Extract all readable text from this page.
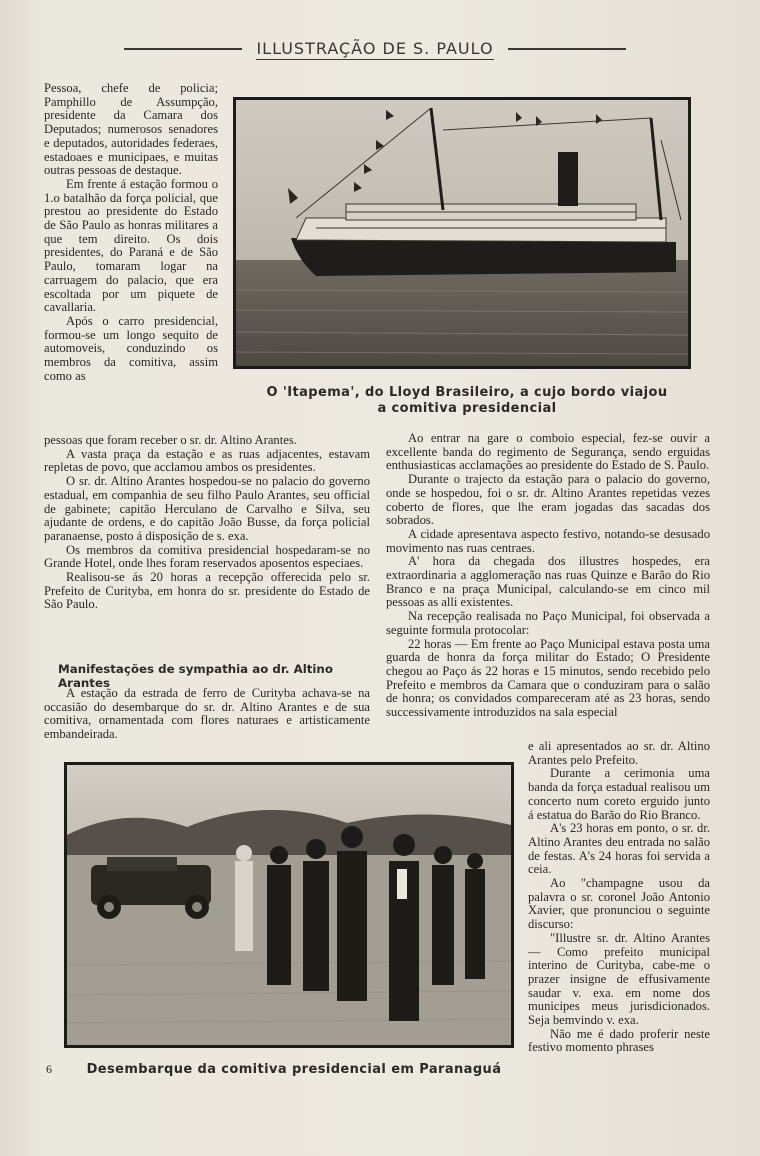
ILLUSTRAÇÃO DE S. PAULO

Pessoa, chefe de policia; Pamphillo de Assumpção, presidente da Camara dos Deputados; numerosos senadores e deputados, autoridades federaes, estadoaes e municipaes, e muitas outras pessoas de destaque.

Em frente á estação formou o 1.o batalhão da força policial, que prestou ao presidente do Estado de São Paulo as honras militares a que tem direito. Os dois presidentes, do Paraná e de São Paulo, tomaram logar na carruagem do palacio, que era escoltada por um piquete de cavallaria.

Após o carro presidencial, formou-se um longo sequito de automoveis, conduzindo os membros da comitiva, assim como as

O 'Itapema', do Lloyd Brasileiro, a cujo bordo viajou a comitiva presidencial

pessoas que foram receber o sr. dr. Altino Arantes.

A vasta praça da estação e as ruas adjacentes, estavam repletas de povo, que acclamou ambos os presidentes.

O sr. dr. Altino Arantes hospedou-se no palacio do governo estadual, em companhia de seu filho Paulo Arantes, seu official de gabinete; capitão Herculano de Carvalho e Silva, seu ajudante de ordens, e do capitão João Busse, da força policial paranaense, posto á disposição de s. exa.

Os membros da comitiva presidencial hospedaram-se no Grande Hotel, onde lhes foram reservados aposentos especiaes.

Realisou-se ás 20 horas a recepção offerecida pelo sr. Prefeito de Curityba, em honra do sr. presidente do Estado de São Paulo.

Manifestações de sympathia ao dr. Altino Arantes

A estação da estrada de ferro de Curityba achava-se na occasião do desembarque do sr. dr. Altino Arantes e de sua comitiva, ornamentada com flores naturaes e artisticamente embandeirada.

Ao entrar na gare o comboio especial, fez-se ouvir a excellente banda do regimento de Segurança, sendo erguidas enthusiasticas acclamações ao presidente do Estado de S. Paulo.

Durante o trajecto da estação para o palacio do governo, onde se hospedou, foi o sr. dr. Altino Arantes repetidas vezes coberto de flores, que lhe eram jogadas das sacadas dos sobrados.

A cidade apresentava aspecto festivo, notando-se desusado movimento nas ruas centraes.

A' hora da chegada dos illustres hospedes, era extraordinaria a agglomeração nas ruas Quinze e Barão do Rio Branco e na praça Municipal, calculando-se em cinco mil pessoas as alli existentes.

Na recepção realisada no Paço Municipal, foi observada a seguinte formula protocolar:

22 horas — Em frente ao Paço Municipal estava posta uma guarda de honra da força militar do Estado; O Presidente chegou ao Paço ás 22 horas e 15 minutos, sendo recebido pelo Prefeito e membros da Camara que o conduziram para o salão de honra; os convidados compareceram até as 23 horas, sendo successivamente introduzidos na sala especial

e ali apresentados ao sr. dr. Altino Arantes pelo Prefeito.

Durante a cerimonia uma banda da força estadual realisou um concerto num coreto erguido junto á estatua do Barão do Rio Branco.

A's 23 horas em ponto, o sr. dr. Altino Arantes deu entrada no salão de festas. A's 24 horas foi servida a ceia.

Ao "champagne usou da palavra o sr. coronel João Antonio Xavier, que pronunciou o seguinte discurso:

"Illustre sr. dr. Altino Arantes — Como prefeito municipal interino de Curityba, cabe-me o prazer insigne de effusivamente saudar v. exa. em nome dos municipes meus jurisdicionados. Seja bemvindo v. exa.

Não me é dado proferir neste festivo momento phrases

Desembarque da comitiva presidencial em Paranaguá
6
